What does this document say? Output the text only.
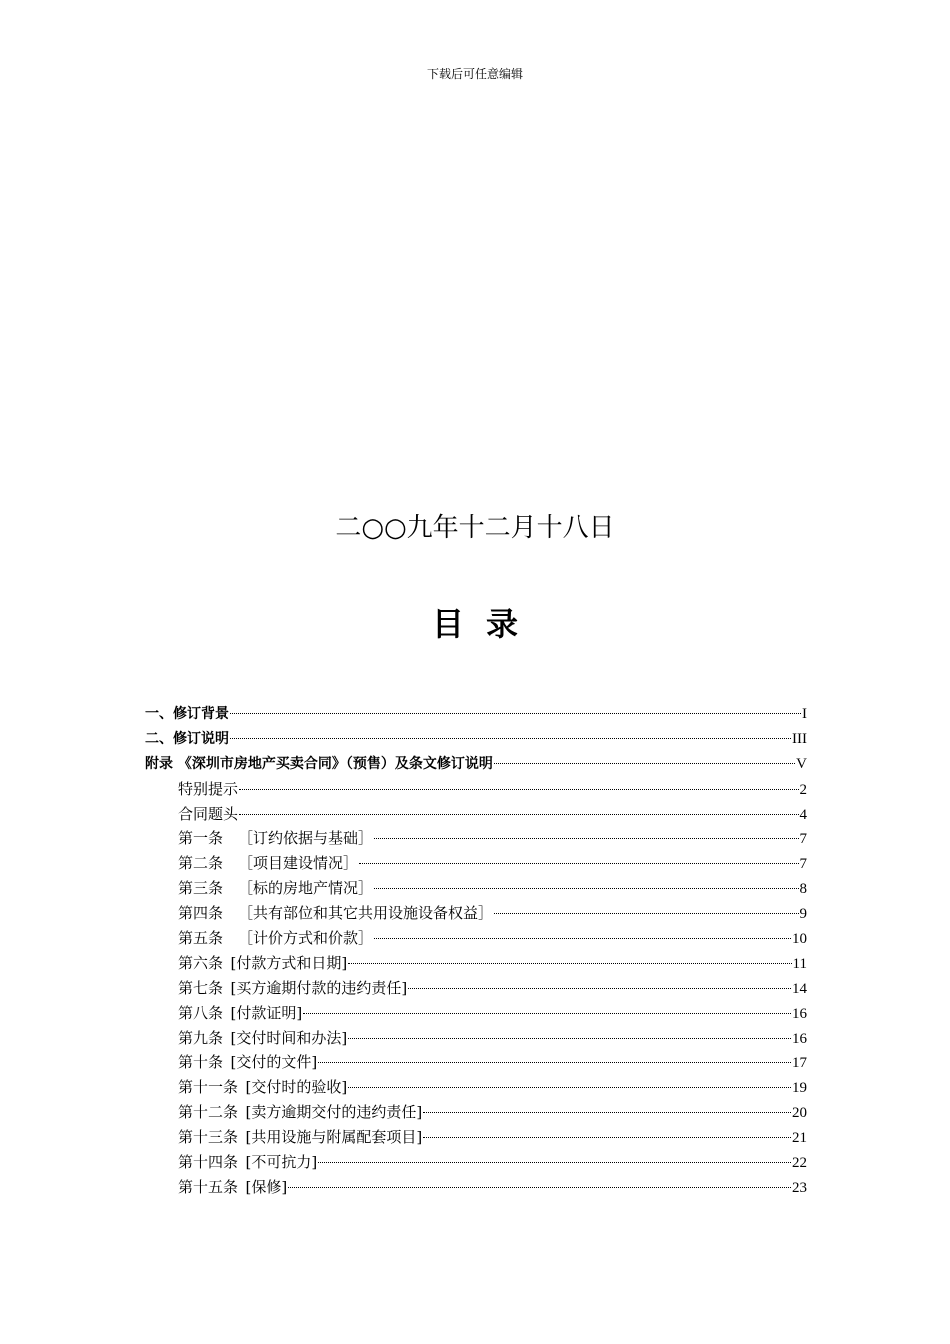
下载后可任意编辑
二○○九年十二月十八日
目录
一、修订背景	I
二、修订说明	III
附录 《深圳市房地产买卖合同》（预售）及条文修订说明	V
特别提示	2
合同题头	4
第一条  ［订约依据与基础］	7
第二条  ［项目建设情况］	7
第三条  ［标的房地产情况］	8
第四条  ［共有部位和其它共用设施设备权益］	9
第五条  ［计价方式和价款］	10
第六条  [付款方式和日期]	11
第七条  [买方逾期付款的违约责任]	14
第八条  [付款证明]	16
第九条  [交付时间和办法]	16
第十条  [交付的文件]	17
第十一条  [交付时的验收]	19
第十二条  [卖方逾期交付的违约责任]	20
第十三条  [共用设施与附属配套项目]	21
第十四条  [不可抗力]	22
第十五条  [保修]	23
